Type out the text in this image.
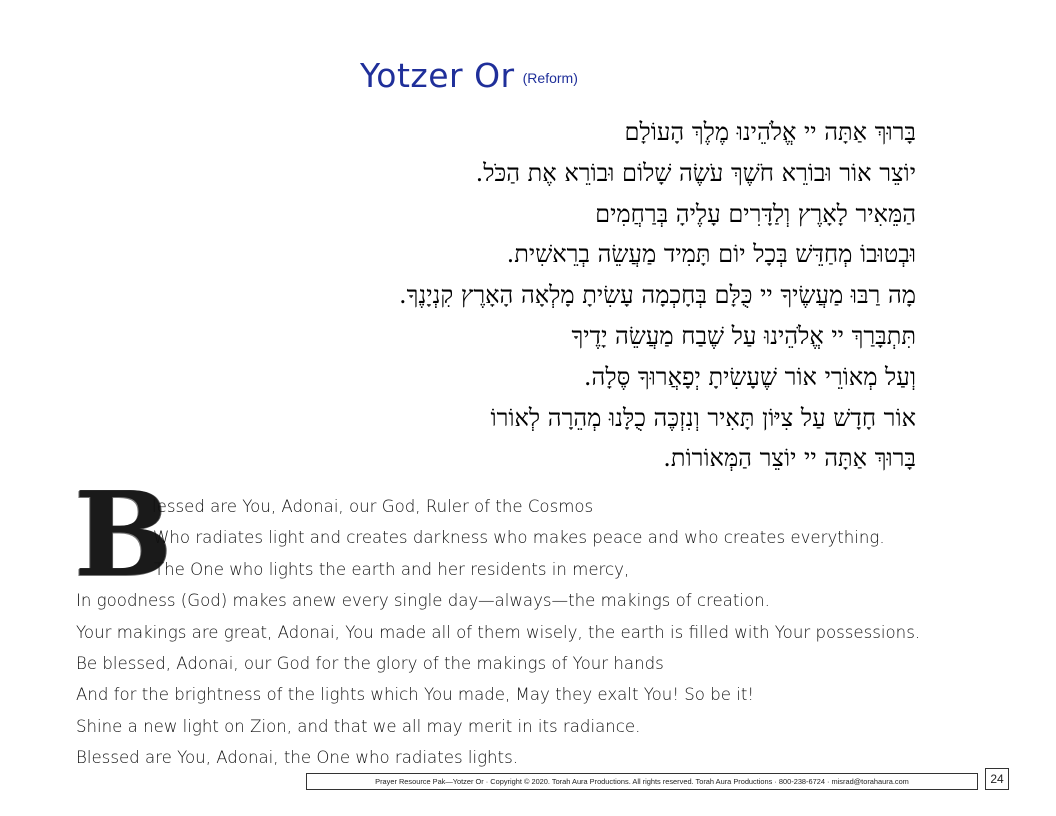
Yotzer Or (Reform)
בָּרוּךְ אַתָּה יי אֱלֹהֵינוּ מֶלֶךְ הָעוֹלָם
יוֹצֵר אוֹר וּבוֹרֵא חֹשֶׁךְ עֹשֶׂה שָׁלוֹם וּבוֹרֵא אֶת הַכֹּל.
הַמֵּאִיר לָאָרֶץ וְלַדָּרִים עָלֶיהָ בְּרַחֲמִים
וּבְטוּבוֹ מְחַדֵּשׁ בְּכָל יוֹם תָּמִיד מַעֲשֵׂה בְרֵאשִׁית.
מָה רַבּוּ מַעֲשֶׂיךָ יי כֻּלָּם בְּחָכְמָה עָשִׂיתָ מָלְאָה הָאָרֶץ קִנְיָנֶךָ.
תִּתְבָּרַךְ יי אֱלֹהֵינוּ עַל שֶׁבַח מַעֲשֵׂה יָדֶיךָ
וְעַל מְאוֹרֵי אוֹר שֶׁעָשִׂיתָ יְפָאֲרוּךָ סֶּלָה.
אוֹר חָדָשׁ עַל צִיּוֹן תָּאִיר וְנִזְכֶּה כֻלָּנוּ מְהֵרָה לְאוֹרוֹ
בָּרוּךְ אַתָּה יי יוֹצֵר הַמְּאוֹרוֹת.
B
lessed are You, Adonai, our God, Ruler of the Cosmos
Who radiates light and creates darkness who makes peace and who creates everything.
The One who lights the earth and her residents in mercy,
In goodness (God) makes anew every single day—always—the makings of creation.
Your makings are great, Adonai, You made all of them wisely, the earth is filled with Your possessions.
Be blessed, Adonai, our God for the glory of the makings of Your hands
And for the brightness of the lights which You made, May they exalt You! So be it!
Shine a new light on Zion, and that we all may merit in its radiance.
Blessed are You, Adonai, the One who radiates lights.
Prayer Resource Pak—Yotzer Or · Copyright © 2020. Torah Aura Productions. All rights reserved. Torah Aura Productions · 800-238-6724 · misrad@torahaura.com	24
